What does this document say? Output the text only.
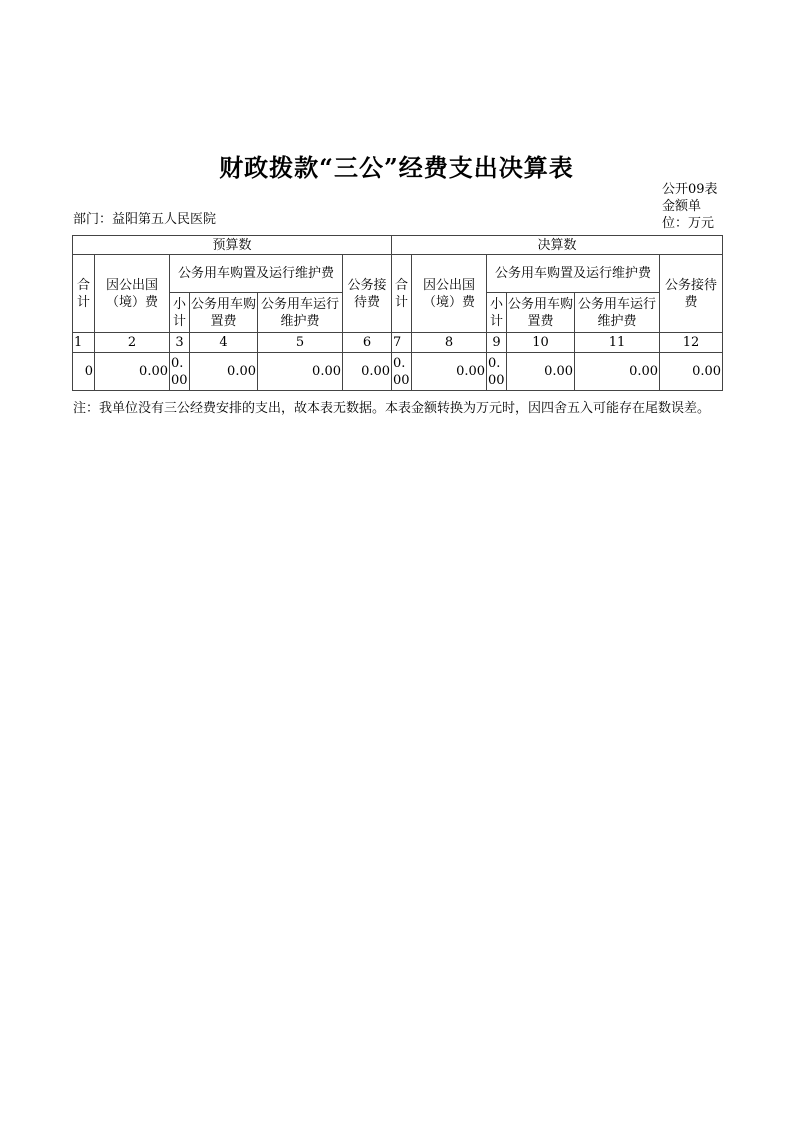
财政拨款“三公”经费支出决算表
公开09表
金额单位：万元
部门：益阳第五人民医院
预算数						决算数					
合计	因公出国（境）费	公务用车购置及运行维护费			公务接待费	合计	因公出国（境）费	公务用车购置及运行维护费			公务接待费
		小计	公务用车购置费	公务用车运行维护费				小计	公务用车购置费	公务用车运行维护费	
1	2	3	4	5	6	7	8	9	10	11	12
0	0.00	0.00	0.00	0.00	0.00	0.00	0.00	0.00	0.00	0.00	0.00
注：我单位没有三公经费安排的支出，故本表无数据。本表金额转换为万元时，因四舍五入可能存在尾数误差。
